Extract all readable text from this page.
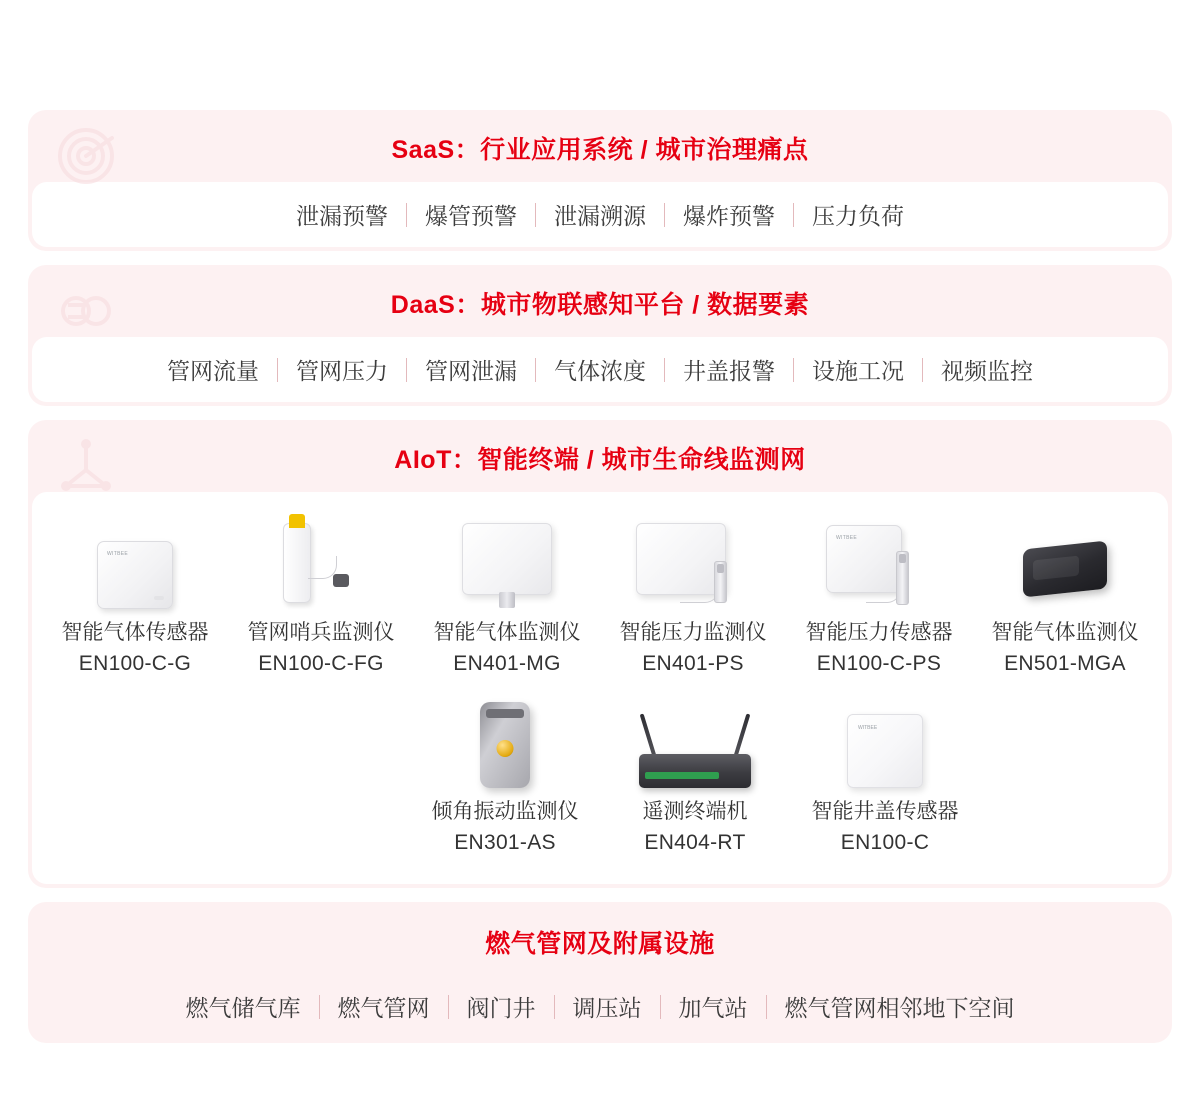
SaaS：行业应用系统 / 城市治理痛点
泄漏预警	爆管预警	泄漏溯源	爆炸预警	压力负荷
DaaS：城市物联感知平台 / 数据要素
管网流量	管网压力	管网泄漏	气体浓度	井盖报警	设施工况	视频监控
AIoT：智能终端 / 城市生命线监测网
WITBEE
智能气体传感器
EN100-C-G
管网哨兵监测仪
EN100-C-FG
智能气体监测仪
EN401-MG
智能压力监测仪
EN401-PS
WITBEE
智能压力传感器
EN100-C-PS
智能气体监测仪
EN501-MGA
倾角振动监测仪
EN301-AS
遥测终端机
EN404-RT
WITBEE
智能井盖传感器
EN100-C
燃气管网及附属设施
燃气储气库	燃气管网	阀门井	调压站	加气站	燃气管网相邻地下空间
